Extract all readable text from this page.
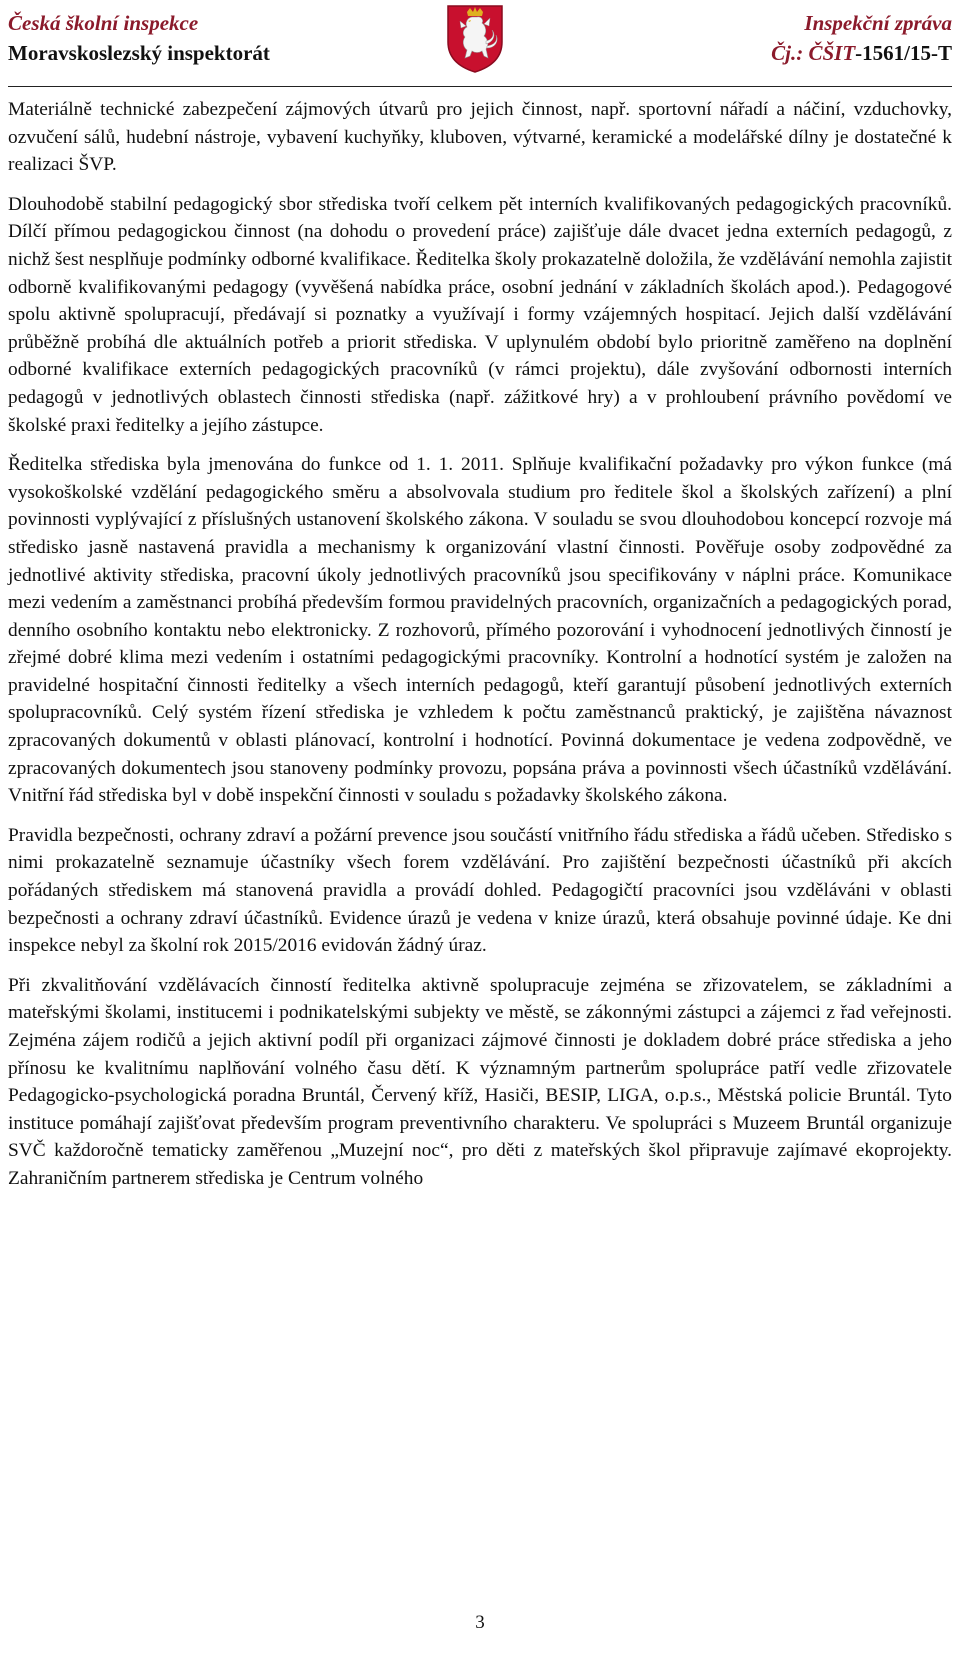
Česká školní inspekce
Moravskoslezský inspektorát
Inspekční zpráva
Čj.: ČŠIT-1561/15-T

Materiálně technické zabezpečení zájmových útvarů pro jejich činnost, např. sportovní nářadí a náčiní, vzduchovky, ozvučení sálů, hudební nástroje, vybavení kuchyňky, kluboven, výtvarné, keramické a modelářské dílny je dostatečné k realizaci ŠVP.

Dlouhodobě stabilní pedagogický sbor střediska tvoří celkem pět interních kvalifikovaných pedagogických pracovníků. Dílčí přímou pedagogickou činnost (na dohodu o provedení práce) zajišťuje dále dvacet jedna externích pedagogů, z nichž šest nesplňuje podmínky odborné kvalifikace. Ředitelka školy prokazatelně doložila, že vzdělávání nemohla zajistit odborně kvalifikovanými pedagogy (vyvěšená nabídka práce, osobní jednání v základních školách apod.). Pedagogové spolu aktivně spolupracují, předávají si poznatky a využívají i formy vzájemných hospitací. Jejich další vzdělávání průběžně probíhá dle aktuálních potřeb a priorit střediska. V uplynulém období bylo prioritně zaměřeno na doplnění odborné kvalifikace externích pedagogických pracovníků (v rámci projektu), dále zvyšování odbornosti interních pedagogů v jednotlivých oblastech činnosti střediska (např. zážitkové hry) a v prohloubení právního povědomí ve školské praxi ředitelky a jejího zástupce.

Ředitelka střediska byla jmenována do funkce od 1. 1. 2011. Splňuje kvalifikační požadavky pro výkon funkce (má vysokoškolské vzdělání pedagogického směru a absolvovala studium pro ředitele škol a školských zařízení) a plní povinnosti vyplývající z příslušných ustanovení školského zákona. V souladu se svou dlouhodobou koncepcí rozvoje má středisko jasně nastavená pravidla a mechanismy k organizování vlastní činnosti. Pověřuje osoby zodpovědné za jednotlivé aktivity střediska, pracovní úkoly jednotlivých pracovníků jsou specifikovány v náplni práce. Komunikace mezi vedením a zaměstnanci probíhá především formou pravidelných pracovních, organizačních a pedagogických porad, denního osobního kontaktu nebo elektronicky. Z rozhovorů, přímého pozorování i vyhodnocení jednotlivých činností je zřejmé dobré klima mezi vedením i ostatními pedagogickými pracovníky. Kontrolní a hodnotící systém je založen na pravidelné hospitační činnosti ředitelky a všech interních pedagogů, kteří garantují působení jednotlivých externích spolupracovníků. Celý systém řízení střediska je vzhledem k počtu zaměstnanců praktický, je zajištěna návaznost zpracovaných dokumentů v oblasti plánovací, kontrolní i hodnotící. Povinná dokumentace je vedena zodpovědně, ve zpracovaných dokumentech jsou stanoveny podmínky provozu, popsána práva a povinnosti všech účastníků vzdělávání. Vnitřní řád střediska byl v době inspekční činnosti v souladu s požadavky školského zákona.

Pravidla bezpečnosti, ochrany zdraví a požární prevence jsou součástí vnitřního řádu střediska a řádů učeben. Středisko s nimi prokazatelně seznamuje účastníky všech forem vzdělávání. Pro zajištění bezpečnosti účastníků při akcích pořádaných střediskem má stanovená pravidla a provádí dohled. Pedagogičtí pracovníci jsou vzděláváni v oblasti bezpečnosti a ochrany zdraví účastníků. Evidence úrazů je vedena v knize úrazů, která obsahuje povinné údaje. Ke dni inspekce nebyl za školní rok 2015/2016 evidován žádný úraz.

Při zkvalitňování vzdělávacích činností ředitelka aktivně spolupracuje zejména se zřizovatelem, se základními a mateřskými školami, institucemi i podnikatelskými subjekty ve městě, se zákonnými zástupci a zájemci z řad veřejnosti. Zejména zájem rodičů a jejich aktivní podíl při organizaci zájmové činnosti je dokladem dobré práce střediska a jeho přínosu ke kvalitnímu naplňování volného času dětí. K významným partnerům spolupráce patří vedle zřizovatele Pedagogicko-psychologická poradna Bruntál, Červený kříž, Hasiči, BESIP, LIGA, o.p.s., Městská policie Bruntál. Tyto instituce pomáhají zajišťovat především program preventivního charakteru. Ve spolupráci s Muzeem Bruntál organizuje SVČ každoročně tematicky zaměřenou „Muzejní noc“, pro děti z mateřských škol připravuje zajímavé ekoprojekty. Zahraničním partnerem střediska je Centrum volného

3
